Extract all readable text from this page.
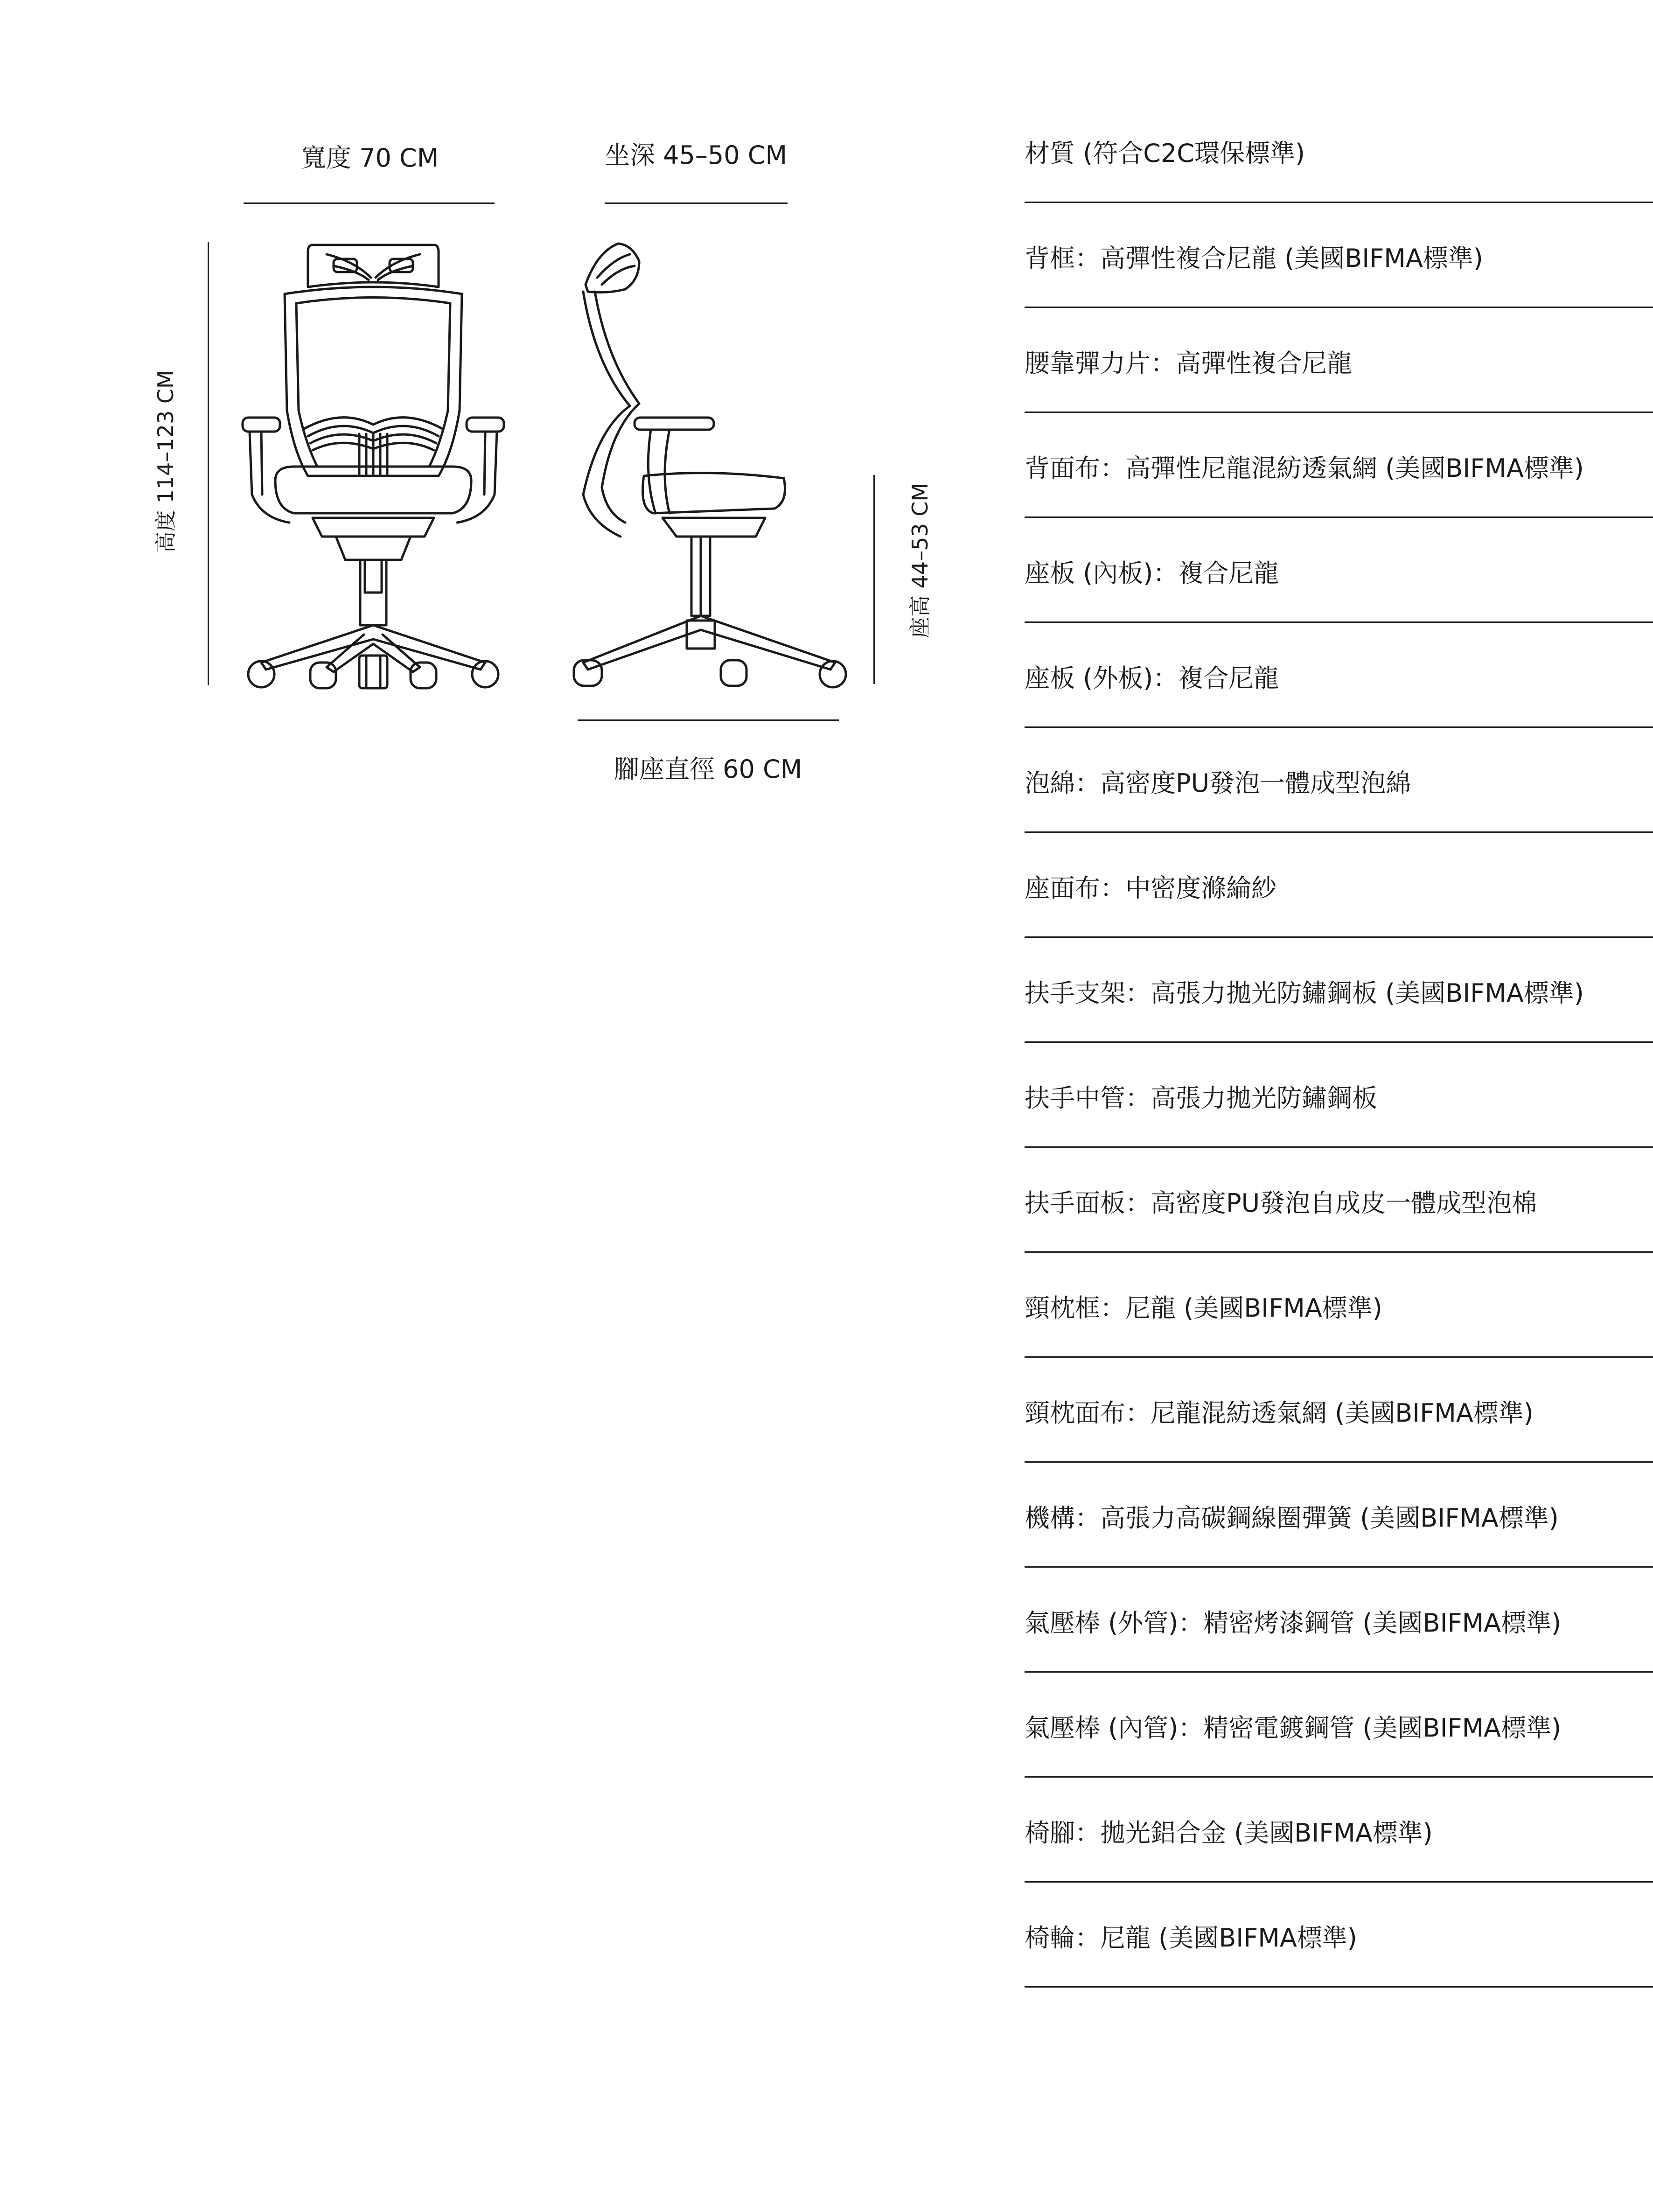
寬度 70 CM	坐深 45–50 CM
高度 114–123 CM
座高 44–53 CM
腳座直徑 60 CM
材質 (符合C2C環保標準)
背框：高彈性複合尼龍 (美國BIFMA標準)
腰靠彈力片：高彈性複合尼龍
背面布：高彈性尼龍混紡透氣網 (美國BIFMA標準)
座板 (內板)：複合尼龍
座板 (外板)：複合尼龍
泡綿：高密度PU發泡一體成型泡綿
座面布：中密度滌綸紗
扶手支架：高張力拋光防鏽鋼板 (美國BIFMA標準)
扶手中管：高張力拋光防鏽鋼板
扶手面板：高密度PU發泡自成皮一體成型泡棉
頸枕框：尼龍 (美國BIFMA標準)
頸枕面布：尼龍混紡透氣網 (美國BIFMA標準)
機構：高張力高碳鋼線圈彈簧 (美國BIFMA標準)
氣壓棒 (外管)：精密烤漆鋼管 (美國BIFMA標準)
氣壓棒 (內管)：精密電鍍鋼管 (美國BIFMA標準)
椅腳：拋光鋁合金 (美國BIFMA標準)
椅輪：尼龍 (美國BIFMA標準)
